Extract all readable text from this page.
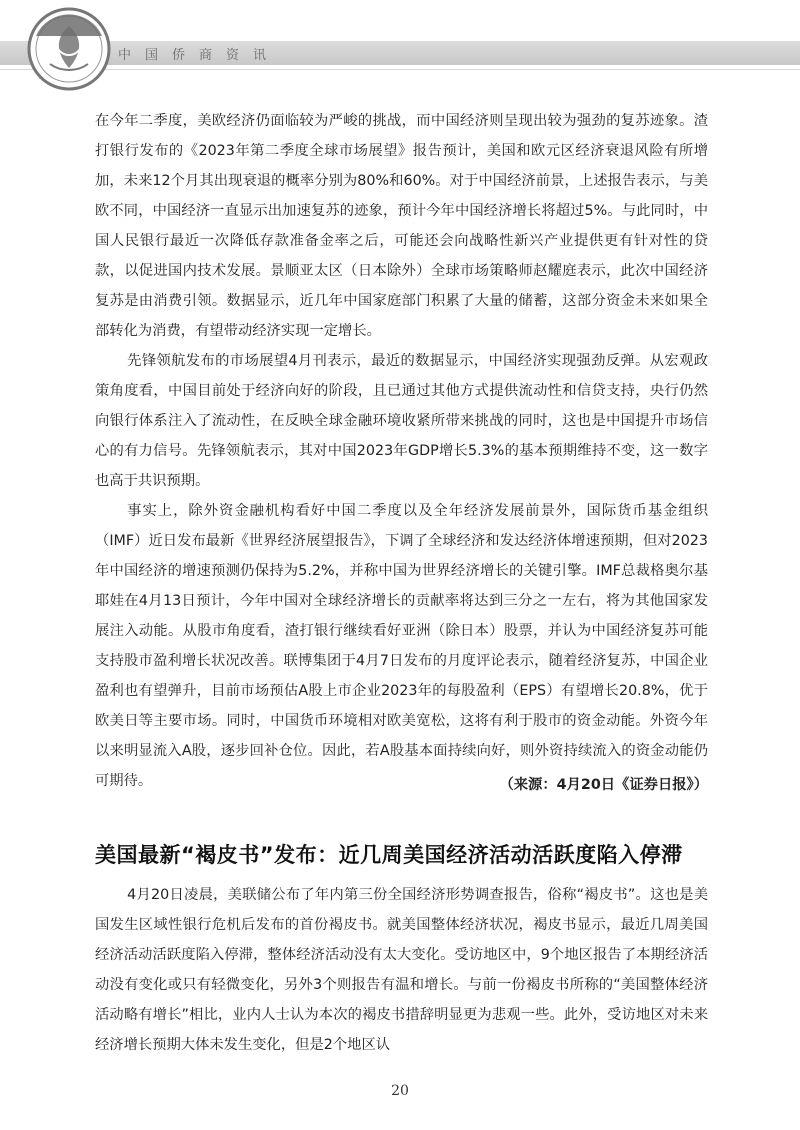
中国侨商资讯

在今年二季度，美欧经济仍面临较为严峻的挑战，而中国经济则呈现出较为强劲的复苏迹象。渣打银行发布的《2023年第二季度全球市场展望》报告预计，美国和欧元区经济衰退风险有所增加，未来12个月其出现衰退的概率分别为80%和60%。对于中国经济前景，上述报告表示，与美欧不同，中国经济一直显示出加速复苏的迹象，预计今年中国经济增长将超过5%。与此同时，中国人民银行最近一次降低存款准备金率之后，可能还会向战略性新兴产业提供更有针对性的贷款，以促进国内技术发展。景顺亚太区（日本除外）全球市场策略师赵耀庭表示，此次中国经济复苏是由消费引领。数据显示，近几年中国家庭部门积累了大量的储蓄，这部分资金未来如果全部转化为消费，有望带动经济实现一定增长。

先锋领航发布的市场展望4月刊表示，最近的数据显示，中国经济实现强劲反弹。从宏观政策角度看，中国目前处于经济向好的阶段，且已通过其他方式提供流动性和信贷支持，央行仍然向银行体系注入了流动性，在反映全球金融环境收紧所带来挑战的同时，这也是中国提升市场信心的有力信号。先锋领航表示，其对中国2023年GDP增长5.3%的基本预期维持不变，这一数字也高于共识预期。

事实上，除外资金融机构看好中国二季度以及全年经济发展前景外，国际货币基金组织（IMF）近日发布最新《世界经济展望报告》，下调了全球经济和发达经济体增速预期，但对2023年中国经济的增速预测仍保持为5.2%，并称中国为世界经济增长的关键引擎。IMF总裁格奥尔基耶娃在4月13日预计，今年中国对全球经济增长的贡献率将达到三分之一左右，将为其他国家发展注入动能。从股市角度看，渣打银行继续看好亚洲（除日本）股票，并认为中国经济复苏可能支持股市盈利增长状况改善。联博集团于4月7日发布的月度评论表示，随着经济复苏，中国企业盈利也有望弹升，目前市场预估A股上市企业2023年的每股盈利（EPS）有望增长20.8%，优于欧美日等主要市场。同时，中国货币环境相对欧美宽松，这将有利于股市的资金动能。外资今年以来明显流入A股，逐步回补仓位。因此，若A股基本面持续向好，则外资持续流入的资金动能仍可期待。	（来源：4月20日《证券日报》）
美国最新“褐皮书”发布：近几周美国经济活动活跃度陷入停滞

4月20日凌晨，美联储公布了年内第三份全国经济形势调查报告，俗称“褐皮书”。这也是美国发生区域性银行危机后发布的首份褐皮书。就美国整体经济状况，褐皮书显示，最近几周美国经济活动活跃度陷入停滞，整体经济活动没有太大变化。受访地区中，9个地区报告了本期经济活动没有变化或只有轻微变化，另外3个则报告有温和增长。与前一份褐皮书所称的“美国整体经济活动略有增长”相比，业内人士认为本次的褐皮书措辞明显更为悲观一些。此外，受访地区对未来经济增长预期大体未发生变化，但是2个地区认

20
